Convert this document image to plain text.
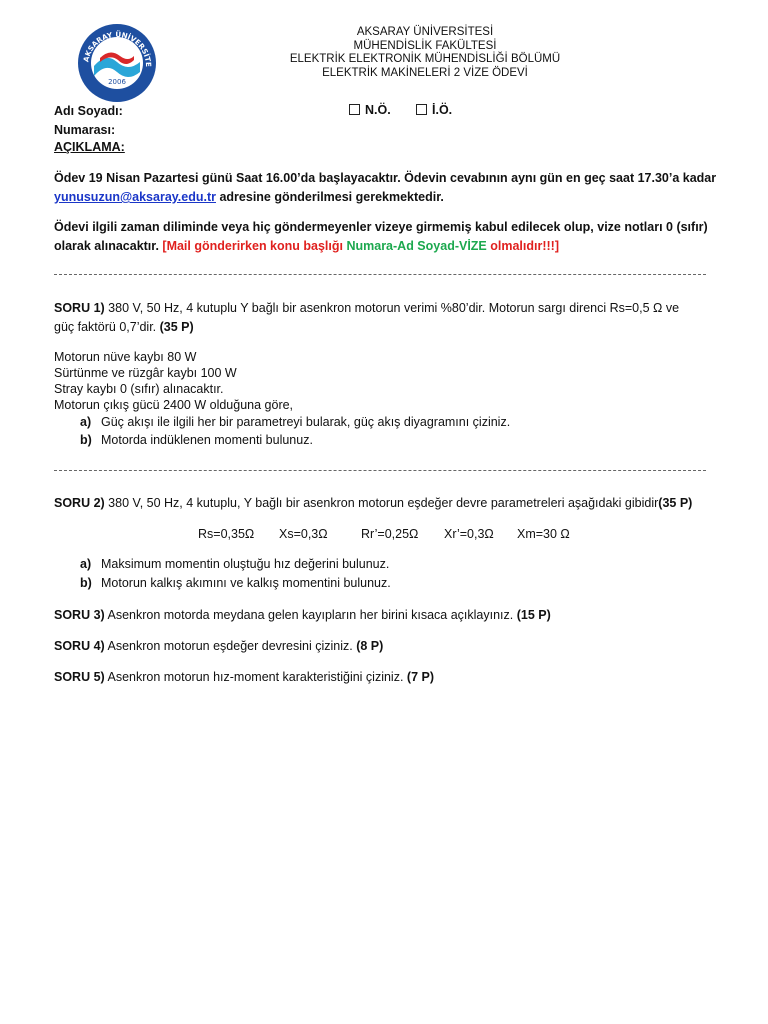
AKSARAY ÜNİVERSİTE
2006
AKSARAY ÜNİVERSİTESİ
MÜHENDİSLİK FAKÜLTESİ
ELEKTRİK ELEKTRONİK MÜHENDİSLİĞİ BÖLÜMÜ
ELEKTRİK MAKİNELERİ 2 VİZE ÖDEVİ
Adı Soyadı:	N.Ö.	İ.Ö.
Numarası:
AÇIKLAMA:
Ödev 19 Nisan Pazartesi günü Saat 16.00’da başlayacaktır. Ödevin cevabının aynı gün en geç saat 17.30’a kadar
yunusuzun@aksaray.edu.tr adresine gönderilmesi gerekmektedir.
Ödevi ilgili zaman diliminde veya hiç göndermeyenler vizeye girmemiş kabul edilecek olup, vize notları 0 (sıfır)
olarak alınacaktır. [Mail gönderirken konu başlığı Numara-Ad Soyad-VİZE olmalıdır!!!]
SORU 1) 380 V, 50 Hz, 4 kutuplu Y bağlı bir asenkron motorun verimi %80’dir. Motorun sargı direnci Rs=0,5 Ω ve
güç faktörü 0,7’dir. (35 P)
Motorun nüve kaybı 80 W
Sürtünme ve rüzgâr kaybı 100 W
Stray kaybı 0 (sıfır) alınacaktır.
Motorun çıkış gücü 2400 W olduğuna göre,
a) Güç akışı ile ilgili her bir parametreyi bularak, güç akış diyagramını çiziniz.
b) Motorda indüklenen momenti bulunuz.
SORU 2) 380 V, 50 Hz, 4 kutuplu, Y bağlı bir asenkron motorun eşdeğer devre parametreleri aşağıdaki gibidir(35 P)
Rs=0,35Ω Xs=0,3Ω	Rr’=0,25Ω Xr’=0,3Ω Xm=30 Ω
a) Maksimum momentin oluştuğu hız değerini bulunuz.
b) Motorun kalkış akımını ve kalkış momentini bulunuz.
SORU 3) Asenkron motorda meydana gelen kayıpların her birini kısaca açıklayınız. (15 P)
SORU 4) Asenkron motorun eşdeğer devresini çiziniz. (8 P)
SORU 5) Asenkron motorun hız-moment karakteristiğini çiziniz. (7 P)
